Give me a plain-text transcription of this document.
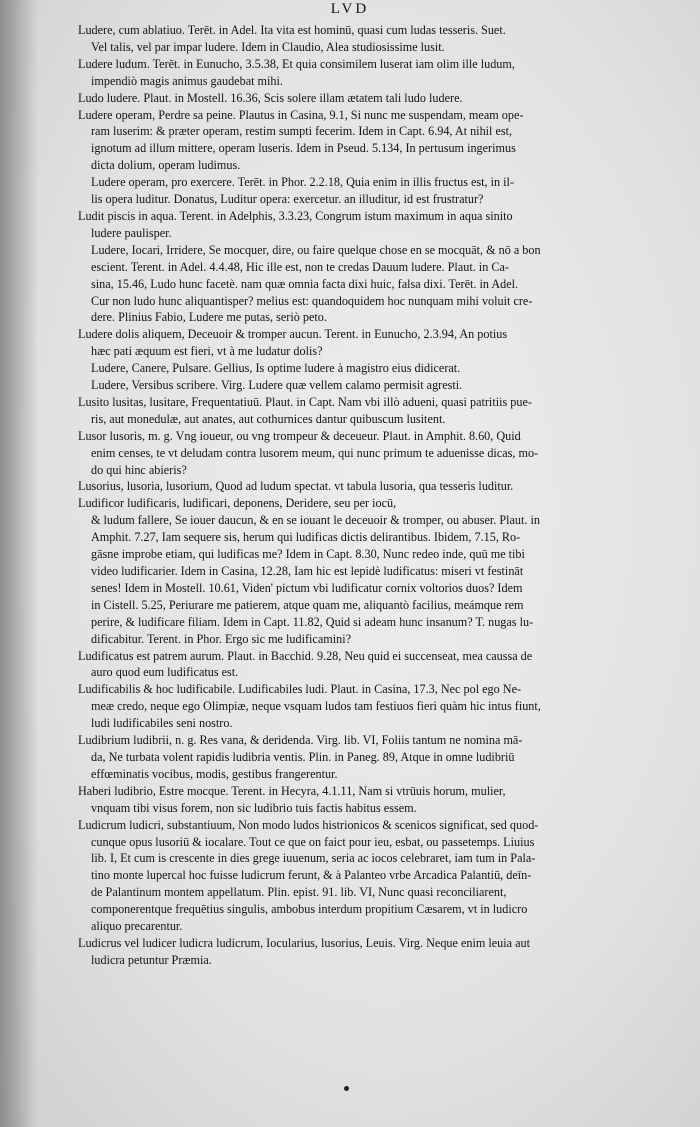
LVD
Ludere, cum ablatiuo. Terēt. in Adel. Ita vita est hominū, quasi cum ludas tesseris. Suet.
Vel talis, vel par impar ludere. Idem in Claudio, Alea studiosissime lusit.
Ludere ludum. Terēt. in Eunucho, 3.5.38, Et quia consimilem luserat iam olim ille ludum,
impendiò magis animus gaudebat mihi.
Ludo ludere. Plaut. in Mostell. 16.36, Scis solere illam ætatem tali ludo ludere.
Ludere operam, Perdre sa peine. Plautus in Casina, 9.1, Si nunc me suspendam, meam ope-
ram luserim: & præter operam, restim sumpti fecerim. Idem in Capt. 6.94, At nihil est,
ignotum ad illum mittere, operam luseris. Idem in Pseud. 5.134, In pertusum ingerimus
dicta dolium, operam ludimus.
Ludere operam, pro exercere. Terēt. in Phor. 2.2.18, Quia enim in illis fructus est, in il-
lis opera luditur. Donatus, Luditur opera: exercetur. an illuditur, id est frustratur?
Ludit piscis in aqua. Terent. in Adelphis, 3.3.23, Congrum istum maximum in aqua sinito
ludere paulisper.
Ludere, Iocari, Irridere, Se mocquer, dire, ou faire quelque chose en se mocquāt, & nō a bon
escient. Terent. in Adel. 4.4.48, Hic ille est, non te credas Dauum ludere. Plaut. in Ca-
sina, 15.46, Ludo hunc facetè. nam quæ omnia facta dixi huic, falsa dixi. Terēt. in Adel.
Cur non ludo hunc aliquantisper? melius est: quandoquidem hoc nunquam mihi voluit cre-
dere. Plinius Fabio, Ludere me putas, seriò peto.
Ludere dolis aliquem, Deceuoir & tromper aucun. Terent. in Eunucho, 2.3.94, An potius
hæc pati æquum est fieri, vt à me ludatur dolis?
Ludere, Canere, Pulsare. Gellius, Is optime ludere à magistro eius didicerat.
Ludere, Versibus scribere. Virg. Ludere quæ vellem calamo permisit agresti.
Lusito lusitas, lusitare, Frequentatiuū. Plaut. in Capt. Nam vbi illò adueni, quasi patritiis pue-
ris, aut monedulæ, aut anates, aut cothurnices dantur quibuscum lusitent.
Lusor lusoris, m. g. Vng ioueur, ou vng trompeur & deceueur. Plaut. in Amphit. 8.60, Quid
enim censes, te vt deludam contra lusorem meum, qui nunc primum te aduenisse dicas, mo-
do qui hinc abieris?
Lusorius, lusoria, lusorium, Quod ad ludum spectat. vt tabula lusoria, qua tesseris luditur.
Ludificor ludificaris, ludificari, deponens, Deridere, seu per iocū,
& ludum fallere, Se iouer daucun, & en se iouant le deceuoir & tromper, ou abuser. Plaut. in
Amphit. 7.27, Iam sequere sis, herum qui ludificas dictis delirantibus. Ibidem, 7.15, Ro-
gāsne improbe etiam, qui ludificas me? Idem in Capt. 8.30, Nunc redeo inde, quū me tibi
video ludificarier. Idem in Casina, 12.28, Iam hic est lepidè ludificatus: miseri vt festināt
senes! Idem in Mostell. 10.61, Viden' pictum vbi ludificatur cornix voltorios duos? Idem
in Cistell. 5.25, Periurare me patierem, atque quam me, aliquantò facilius, meámque rem
perire, & ludificare filiam. Idem in Capt. 11.82, Quid si adeam hunc insanum? T. nugas lu-
dificabitur. Terent. in Phor. Ergo sic me ludificamini?
Ludificatus est patrem aurum. Plaut. in Bacchid. 9.28, Neu quid ei succenseat, mea caussa de
auro quod eum ludificatus est.
Ludificabilis & hoc ludificabile. Ludificabiles ludi. Plaut. in Casina, 17.3, Nec pol ego Ne-
meæ credo, neque ego Olimpiæ, neque vsquam ludos tam festiuos fieri quàm hic intus fiunt,
ludi ludificabiles seni nostro.
Ludibrium ludibrii, n. g. Res vana, & deridenda. Virg. lib. VI, Foliis tantum ne nomina mā-
da, Ne turbata volent rapidis ludibria ventis. Plin. in Paneg. 89, Atque in omne ludibriū
effœminatis vocibus, modis, gestibus frangerentur.
Haberi ludibrio, Estre mocque. Terent. in Hecyra, 4.1.11, Nam si vtrūuis horum, mulier,
vnquam tibi visus forem, non sic ludibrio tuis factis habitus essem.
Ludicrum ludicri, substantiuum, Non modo ludos histrionicos & scenicos significat, sed quod-
cunque opus lusoriū & iocalare. Tout ce que on faict pour ieu, esbat, ou passetemps. Liuius
lib. I, Et cum is crescente in dies grege iuuenum, seria ac iocos celebraret, iam tum in Pala-
tino monte lupercal hoc fuisse ludicrum ferunt, & à Palanteo vrbe Arcadica Palantiū, deīn-
de Palantinum montem appellatum. Plin. epist. 91. lib. VI, Nunc quasi reconciliarent,
componerentque frequētius singulis, ambobus interdum propitium Cæsarem, vt in ludicro
aliquo precarentur.
Ludicrus vel ludicer ludicra ludicrum, Iocularius, lusorius, Leuis. Virg. Neque enim leuia aut
ludicra petuntur Præmia.
